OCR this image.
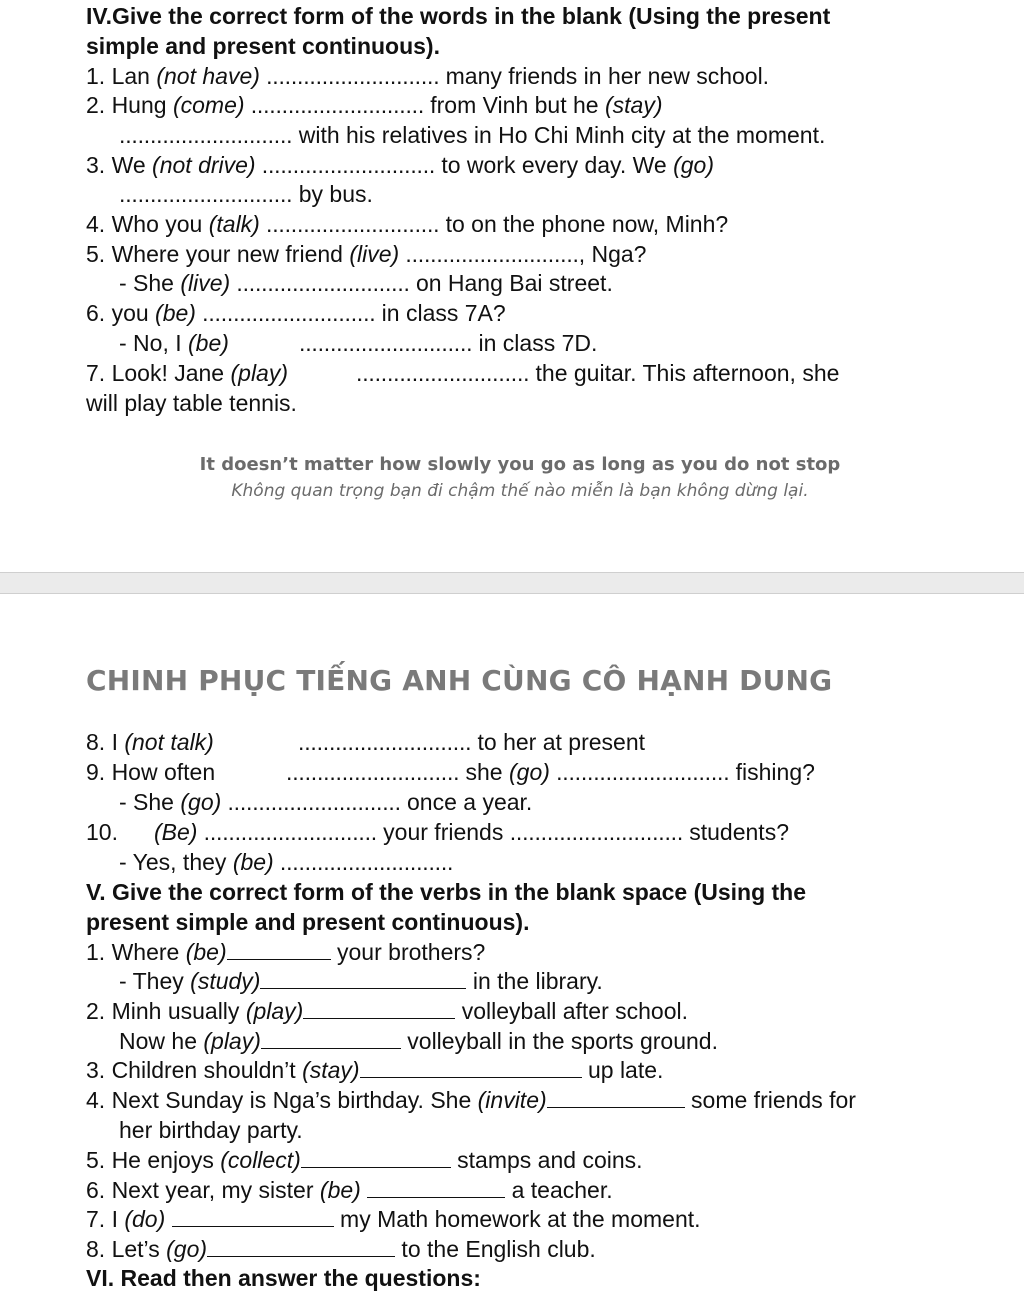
IV.Give the correct form of the words in the blank (Using the present
simple and present continuous).
1. Lan (not have) ............................ many friends in her new school.
2. Hung (come) ............................ from Vinh but he (stay)
............................ with his relatives in Ho Chi Minh city at the moment.
3. We (not drive) ............................ to work every day. We (go)
............................ by bus.
4. Who you (talk) ............................ to on the phone now, Minh?
5. Where your new friend (live) ............................, Nga?
- She (live) ............................ on Hang Bai street.
6. you (be) ............................ in class 7A?
- No, I (be)	............................ in class 7D.
7. Look! Jane (play)	............................ the guitar. This afternoon, she
will play table tennis.
It doesn’t matter how slowly you go as long as you do not stop
Không quan trọng bạn đi chậm thế nào miễn là bạn không dừng lại.
CHINH PHỤC TIẾNG ANH CÙNG CÔ HẠNH DUNG
8. I (not talk)	............................ to her at present
9. How often	............................ she (go) ............................ fishing?
- She (go) ............................ once a year.
10. (Be) ............................ your friends ............................ students?
- Yes, they (be) ............................
V. Give the correct form of the verbs in the blank space (Using the
present simple and present continuous).
1. Where (be)	your brothers?
- They (study)	in the library.
2. Minh usually (play)	volleyball after school.
Now he (play)	volleyball in the sports ground.
3. Children shouldn’t (stay)	up late.
4. Next Sunday is Nga’s birthday. She (invite)	some friends for
her birthday party.
5. He enjoys (collect)	stamps and coins.
6. Next year, my sister (be)	a teacher.
7. I (do)	my Math homework at the moment.
8. Let’s (go)	to the English club.
VI. Read then answer the questions:
